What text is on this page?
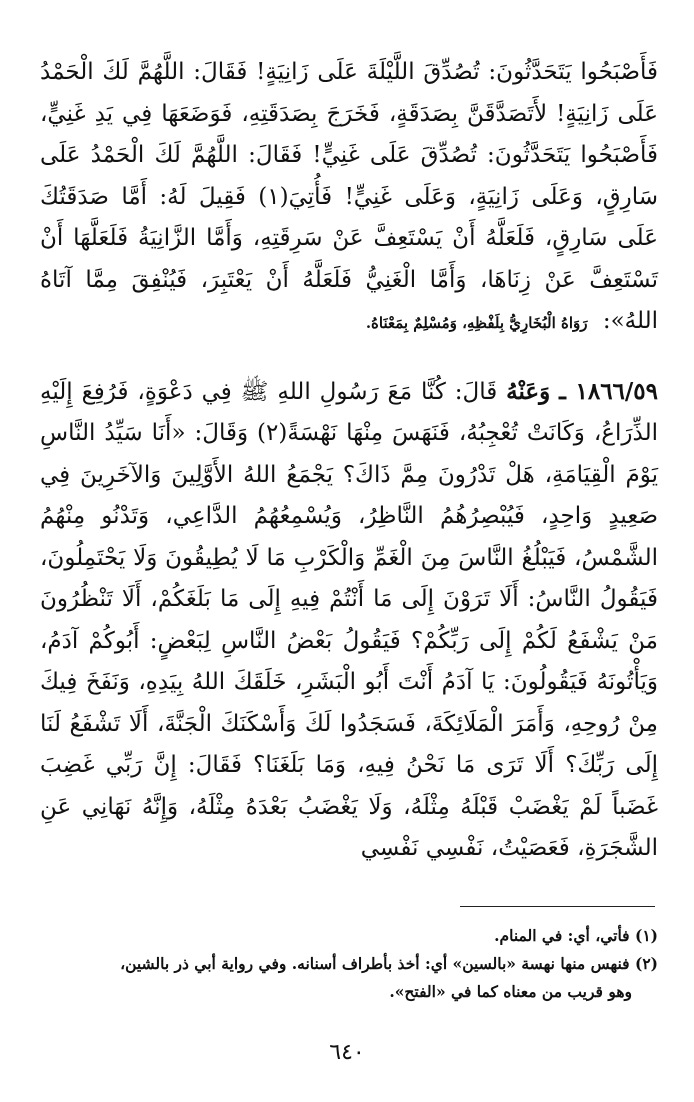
فَأَصْبَحُوا يَتَحَدَّثُونَ: تُصُدِّقَ اللَّيْلَةَ عَلَى زَانِيَةٍ! فَقَالَ: اللَّهُمَّ لَكَ الْحَمْدُ عَلَى زَانِيَةٍ! لأَتَصَدَّقَنَّ بِصَدَقَةٍ، فَخَرَجَ بِصَدَقَتِهِ، فَوَضَعَهَا فِي يَدِ غَنِيٍّ، فَأَصْبَحُوا يَتَحَدَّثُونَ: تُصُدِّقَ عَلَى غَنِيٍّ! فَقَالَ: اللَّهُمَّ لَكَ الْحَمْدُ عَلَى سَارِقٍ، وَعَلَى زَانِيَةٍ، وَعَلَى غَنِيٍّ! فَأُتِيَ(١) فَقِيلَ لَهُ: أَمَّا صَدَقَتُكَ عَلَى سَارِقٍ، فَلَعَلَّهُ أَنْ يَسْتَعِفَّ عَنْ سَرِقَتِهِ، وَأَمَّا الزَّانِيَةُ فَلَعَلَّهَا أَنْ تَسْتَعِفَّ عَنْ زِنَاهَا، وَأَمَّا الْغَنِيُّ فَلَعَلَّهُ أَنْ يَعْتَبِرَ، فَيُنْفِقَ مِمَّا آتَاهُ اللهُ»: رَوَاهُ الْبُخَارِيُّ بِلَفْظِهِ، وَمُسْلِمٌ بِمَعْنَاهُ.

١٨٦٦/٥٩ ـ وَعَنْهُ قَالَ: كُنَّا مَعَ رَسُولِ اللهِ ﷺ فِي دَعْوَةٍ، فَرُفِعَ إِلَيْهِ الذِّرَاعُ، وَكَانَتْ تُعْجِبُهُ، فَنَهَسَ مِنْهَا نَهْسَةً(٢) وَقَالَ: «أَنَا سَيِّدُ النَّاسِ يَوْمَ الْقِيَامَةِ، هَلْ تَدْرُونَ مِمَّ ذَاكَ؟ يَجْمَعُ اللهُ الأَوَّلِينَ وَالآخَرِينَ فِي صَعِيدٍ وَاحِدٍ، فَيُبْصِرُهُمُ النَّاظِرُ، وَيُسْمِعُهُمُ الدَّاعِي، وَتَدْنُو مِنْهُمُ الشَّمْسُ، فَيَبْلُغُ النَّاسَ مِنَ الْغَمِّ وَالْكَرْبِ مَا لَا يُطِيقُونَ وَلَا يَحْتَمِلُونَ، فَيَقُولُ النَّاسُ: أَلَا تَرَوْنَ إِلَى مَا أَنْتُمْ فِيهِ إِلَى مَا بَلَغَكُمْ، أَلَا تَنْظُرُونَ مَنْ يَشْفَعُ لَكُمْ إِلَى رَبِّكُمْ؟ فَيَقُولُ بَعْضُ النَّاسِ لِبَعْضٍ: أَبُوكُمْ آدَمُ، وَيَأْتُونَهُ فَيَقُولُونَ: يَا آدَمُ أَنْتَ أَبُو الْبَشَرِ، خَلَقَكَ اللهُ بِيَدِهِ، وَنَفَخَ فِيكَ مِنْ رُوحِهِ، وَأَمَرَ الْمَلَائِكَةَ، فَسَجَدُوا لَكَ وَأَسْكَنَكَ الْجَنَّةَ، أَلَا تَشْفَعُ لَنَا إِلَى رَبِّكَ؟ أَلَا تَرَى مَا نَحْنُ فِيهِ، وَمَا بَلَغَنَا؟ فَقَالَ: إِنَّ رَبِّي غَضِبَ غَضَباً لَمْ يَغْضَبْ قَبْلَهُ مِثْلَهُ، وَلَا يَغْضَبُ بَعْدَهُ مِثْلَهُ، وَإِنَّهُ نَهَانِي عَنِ الشَّجَرَةِ، فَعَصَيْتُ، نَفْسِي نَفْسِي

(١) فأتي، أي: في المنام.

(٢) فنهس منها نهسة «بالسين» أي: أخذ بأطراف أسنانه. وفي رواية أبي ذر بالشين،

وهو قريب من معناه كما في «الفتح».

٦٤٠
